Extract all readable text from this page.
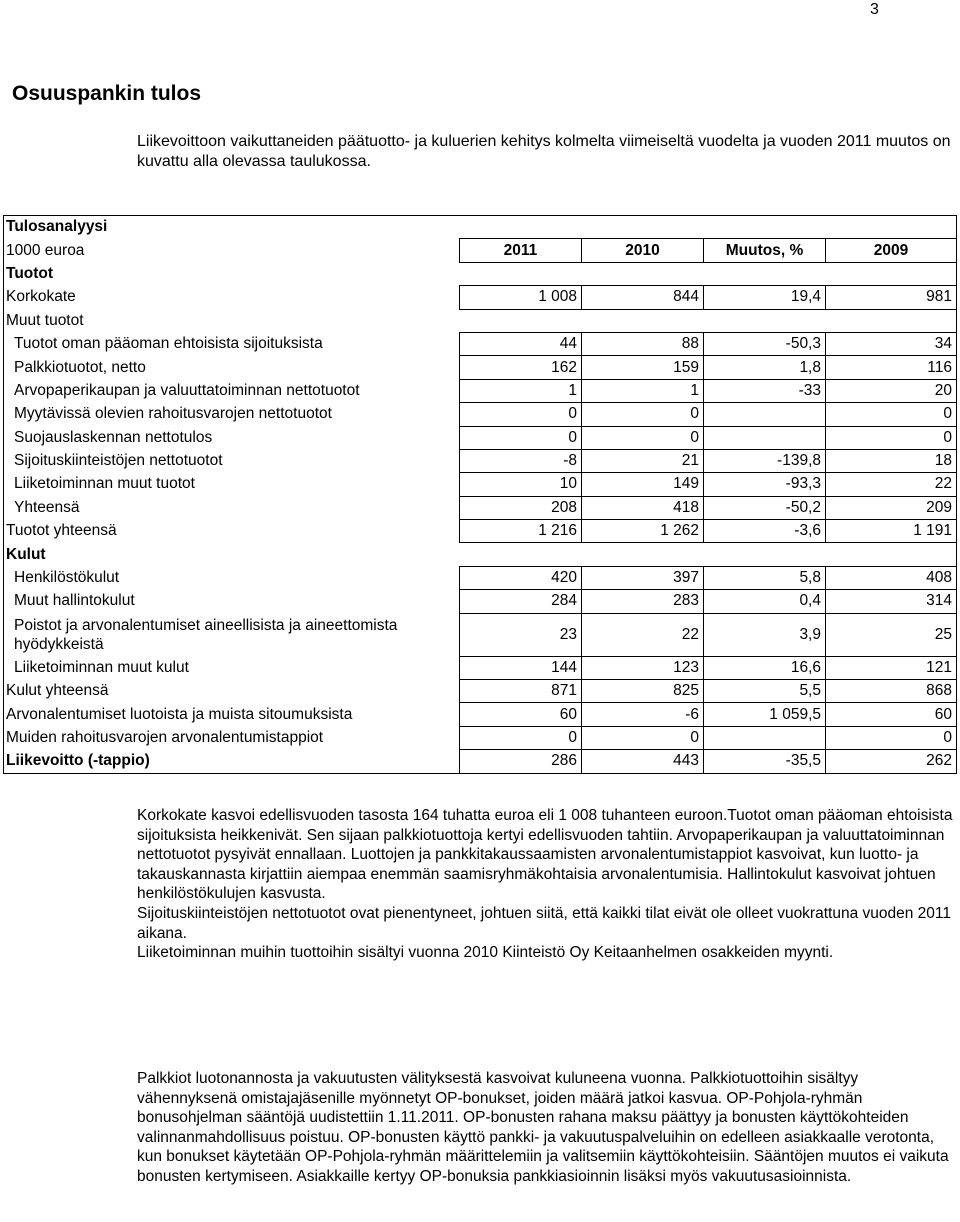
3
Osuuspankin tulos

Liikevoittoon vaikuttaneiden päätuotto- ja kuluerien kehitys kolmelta viimeiseltä vuodelta ja vuoden 2011 muutos on kuvattu alla olevassa taulukossa.

Tulosanalyysi				
1000 euroa	2011	2010	Muutos, %	2009
Tuotot				
Korkokate	1 008	844	19,4	981
Muut tuotot				
Tuotot oman pääoman ehtoisista sijoituksista	44	88	-50,3	34
Palkkiotuotot, netto	162	159	1,8	116
Arvopaperikaupan ja valuuttatoiminnan nettotuotot	1	1	-33	20
Myytävissä olevien rahoitusvarojen nettotuotot	0	0		0
Suojauslaskennan nettotulos	0	0		0
Sijoituskiinteistöjen nettotuotot	-8	21	-139,8	18
Liiketoiminnan muut tuotot	10	149	-93,3	22
Yhteensä	208	418	-50,2	209
Tuotot yhteensä	1 216	1 262	-3,6	1 191
Kulut				
Henkilöstökulut	420	397	5,8	408
Muut hallintokulut	284	283	0,4	314
Poistot ja arvonalentumiset aineellisista ja aineettomista hyödykkeistä	23	22	3,9	25
Liiketoiminnan muut kulut	144	123	16,6	121
Kulut yhteensä	871	825	5,5	868
Arvonalentumiset luotoista ja muista sitoumuksista	60	-6	1 059,5	60
Muiden rahoitusvarojen arvonalentumistappiot	0	0		0
Liikevoitto (-tappio)	286	443	-35,5	262
Korkokate kasvoi edellisvuoden tasosta 164 tuhatta euroa eli 1 008 tuhanteen euroon.Tuotot oman pääoman ehtoisista sijoituksista heikkenivät. Sen sijaan palkkiotuottoja kertyi edellisvuoden tahtiin. Arvopaperikaupan ja valuuttatoiminnan nettotuotot pysyivät ennallaan. Luottojen ja pankkitakaussaamisten arvonalentumistappiot kasvoivat, kun luotto- ja takauskannasta kirjattiin aiempaa enemmän saamisryhmäkohtaisia arvonalentumisia. Hallintokulut kasvoivat johtuen henkilöstökulujen kasvusta.
Sijoituskiinteistöjen nettotuotot ovat pienentyneet, johtuen siitä, että kaikki tilat eivät ole olleet vuokrattuna vuoden 2011 aikana.
Liiketoiminnan muihin tuottoihin sisältyi vuonna 2010 Kiinteistö Oy Keitaanhelmen osakkeiden myynti.

Palkkiot luotonannosta ja vakuutusten välityksestä kasvoivat kuluneena vuonna. Palkkiotuottoihin sisältyy vähennyksenä omistajajäsenille myönnetyt OP-bonukset, joiden määrä jatkoi kasvua. OP-Pohjola-ryhmän bonusohjelman sääntöjä uudistettiin 1.11.2011. OP-bonusten rahana maksu päättyy ja bonusten käyttökohteiden valinnanmahdollisuus poistuu. OP-bonusten käyttö pankki- ja vakuutuspalveluihin on edelleen asiakkaalle verotonta, kun bonukset käytetään OP-Pohjola-ryhmän määrittelemiin ja valitsemiin käyttökohteisiin. Sääntöjen muutos ei vaikuta bonusten kertymiseen. Asiakkaille kertyy OP-bonuksia pankkiasioinnin lisäksi myös vakuutusasioinnista.
